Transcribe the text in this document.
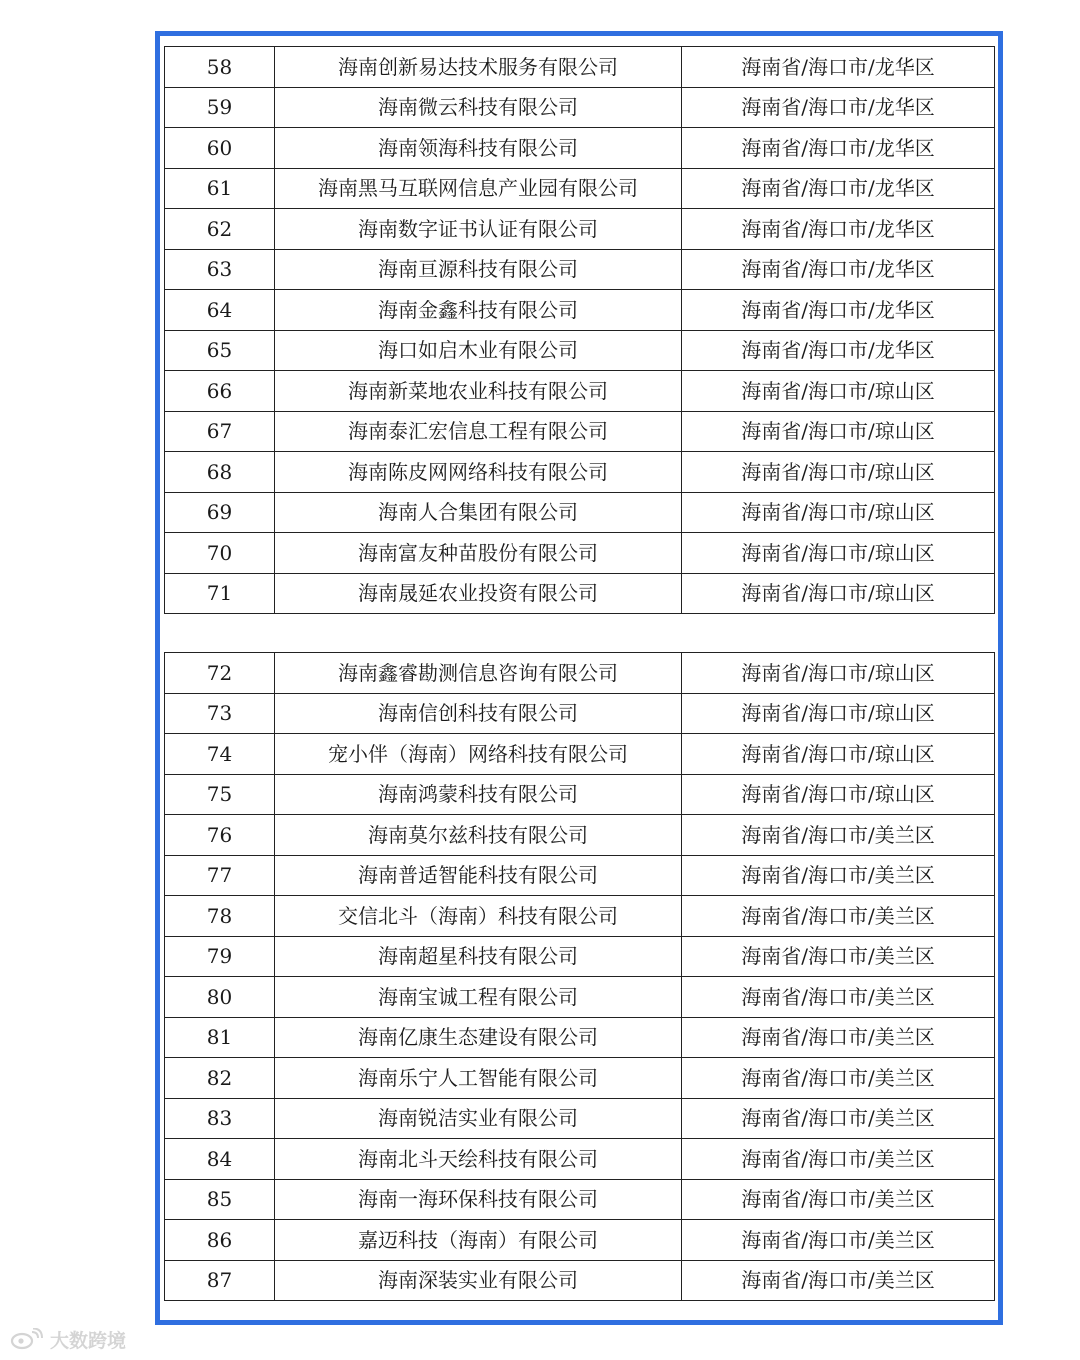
58	海南创新易达技术服务有限公司	海南省/海口市/龙华区
59	海南微云科技有限公司	海南省/海口市/龙华区
60	海南领海科技有限公司	海南省/海口市/龙华区
61	海南黑马互联网信息产业园有限公司	海南省/海口市/龙华区
62	海南数字证书认证有限公司	海南省/海口市/龙华区
63	海南亘源科技有限公司	海南省/海口市/龙华区
64	海南金鑫科技有限公司	海南省/海口市/龙华区
65	海口如启木业有限公司	海南省/海口市/龙华区
66	海南新菜地农业科技有限公司	海南省/海口市/琼山区
67	海南泰汇宏信息工程有限公司	海南省/海口市/琼山区
68	海南陈皮网网络科技有限公司	海南省/海口市/琼山区
69	海南人合集团有限公司	海南省/海口市/琼山区
70	海南富友种苗股份有限公司	海南省/海口市/琼山区
71	海南晟延农业投资有限公司	海南省/海口市/琼山区
72	海南鑫睿勘测信息咨询有限公司	海南省/海口市/琼山区
73	海南信创科技有限公司	海南省/海口市/琼山区
74	宠小伴（海南）网络科技有限公司	海南省/海口市/琼山区
75	海南鸿蒙科技有限公司	海南省/海口市/琼山区
76	海南莫尔兹科技有限公司	海南省/海口市/美兰区
77	海南普适智能科技有限公司	海南省/海口市/美兰区
78	交信北斗（海南）科技有限公司	海南省/海口市/美兰区
79	海南超星科技有限公司	海南省/海口市/美兰区
80	海南宝诚工程有限公司	海南省/海口市/美兰区
81	海南亿康生态建设有限公司	海南省/海口市/美兰区
82	海南乐宁人工智能有限公司	海南省/海口市/美兰区
83	海南锐洁实业有限公司	海南省/海口市/美兰区
84	海南北斗天绘科技有限公司	海南省/海口市/美兰区
85	海南一海环保科技有限公司	海南省/海口市/美兰区
86	嘉迈科技（海南）有限公司	海南省/海口市/美兰区
87	海南深装实业有限公司	海南省/海口市/美兰区
大数跨境
